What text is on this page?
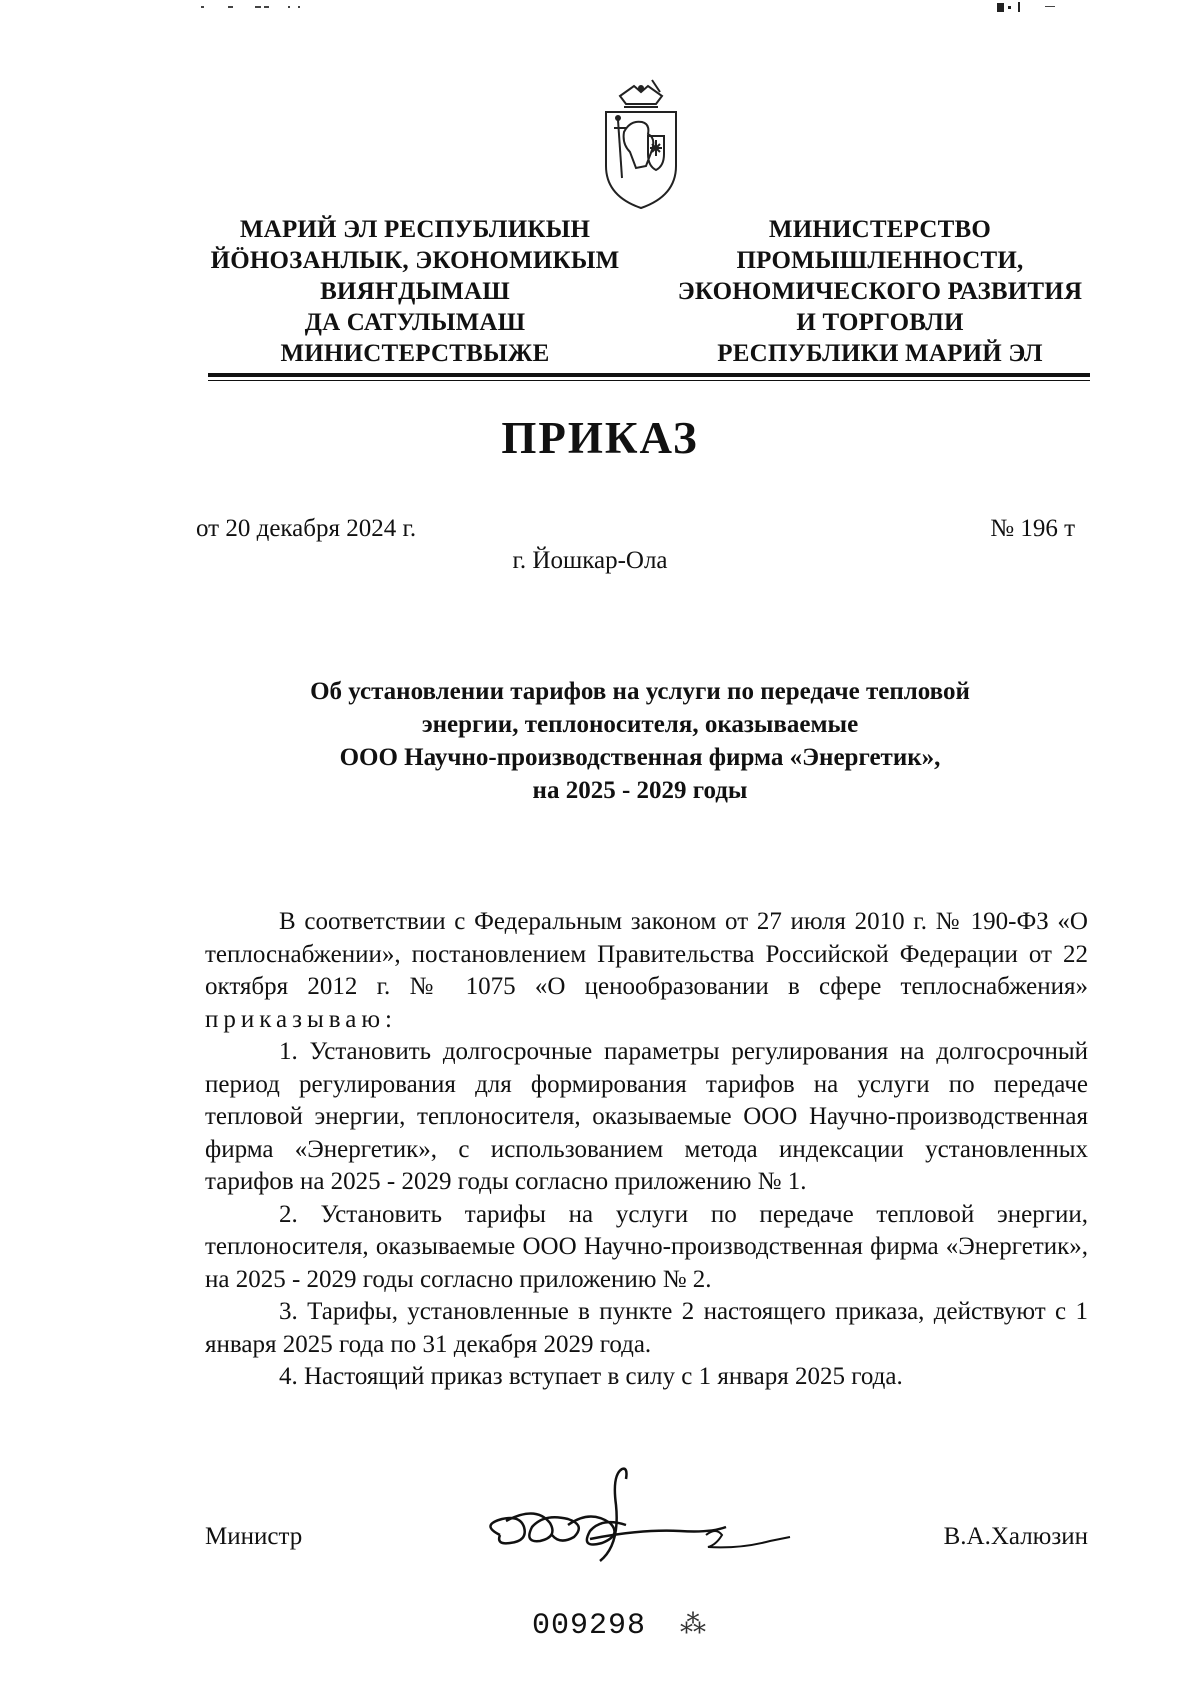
МАРИЙ ЭЛ РЕСПУБЛИКЫН
ЙӦНОЗАНЛЫК, ЭКОНОМИКЫМ
ВИЯҤДЫМАШ
ДА САТУЛЫМАШ
МИНИСТЕРСТВЫЖЕ
МИНИСТЕРСТВО
ПРОМЫШЛЕННОСТИ,
ЭКОНОМИЧЕСКОГО РАЗВИТИЯ
И ТОРГОВЛИ
РЕСПУБЛИКИ МАРИЙ ЭЛ
ПРИКАЗ
от 20 декабря 2024 г.	№ 196 т
г. Йошкар-Ола
Об установлении тарифов на услуги по передаче тепловой
энергии, теплоносителя, оказываемые
ООО Научно-производственная фирма «Энергетик»,
на 2025 - 2029 годы

В соответствии с Федеральным законом от 27 июля 2010 г. № 190-ФЗ «О теплоснабжении», постановлением Правительства Российской Федерации от 22 октября 2012 г. № 1075 «О ценообразовании в сфере теплоснабжения» приказываю:

1. Установить долгосрочные параметры регулирования на долгосрочный период регулирования для формирования тарифов на услуги по передаче тепловой энергии, теплоносителя, оказываемые ООО Научно-производственная фирма «Энергетик», с использованием метода индексации установленных тарифов на 2025 - 2029 годы согласно приложению № 1.

2. Установить тарифы на услуги по передаче тепловой энергии, теплоносителя, оказываемые ООО Научно-производственная фирма «Энергетик», на 2025 - 2029 годы согласно приложению № 2.

3. Тарифы, установленные в пункте 2 настоящего приказа, действуют с 1 января 2025 года по 31 декабря 2029 года.

4. Настоящий приказ вступает в силу с 1 января 2025 года.

Министр	В.А.Халюзин
009298 ⁂
